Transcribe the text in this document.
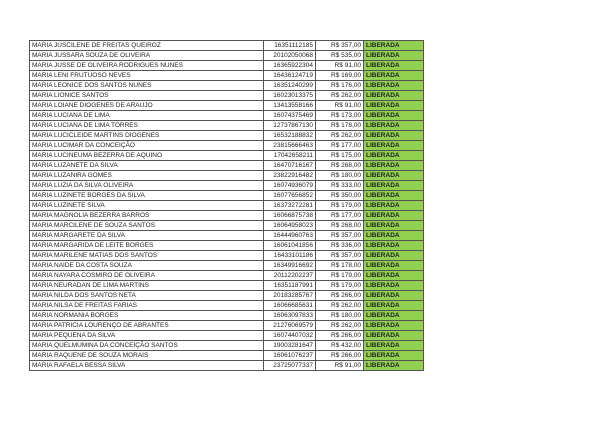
MARIA JUSCILENE DE FREITAS QUEIROZ	16351112185	R$ 357,00	LIBERADA
MARIA JUSSARA SOUZA DE OLIVEIRA	20102050068	R$ 535,00	LIBERADA
MARIA JUSSE DE OLIVEIRA RODRIGUES NUNES	16365922304	R$ 91,00	LIBERADA
MARIA LENI FRUTUOSO NEVES	16436124719	R$ 169,00	LIBERADA
MARIA LEONICE DOS SANTOS NUNES	16351240299	R$ 176,00	LIBERADA
MARIA LIONICE SANTOS	16023013375	R$ 262,00	LIBERADA
MARIA LOIANE DIOGENES DE ARAUJO	13413558166	R$ 91,00	LIBERADA
MARIA LUCIANA DE LIMA	16074375469	R$ 173,00	LIBERADA
MARIA LUCIANA DE LIMA TORRES	12737867130	R$ 178,00	LIBERADA
MARIA LUCICLEIDE MARTINS DIOGENES	16532188832	R$ 262,00	LIBERADA
MARIA LUCIMAR DA CONCEIÇÃO	23815666463	R$ 177,00	LIBERADA
MARIA LUCINEUMA BEZERRA DE AQUINO	17042658211	R$ 175,00	LIBERADA
MARIA LUZANETE DA SILVA	16470716167	R$ 268,00	LIBERADA
MARIA LUZANIRA GOMES	23822916482	R$ 180,00	LIBERADA
MARIA LUZIA DA SILVA OLIVEIRA	16074936079	R$ 333,00	LIBERADA
MARIA LUZINETE BORGES DA SILVA	16077656852	R$ 350,00	LIBERADA
MARIA LUZINETE SILVA	16373272281	R$ 179,00	LIBERADA
MARIA MAGNOLIA BEZERRA BARROS	16066875738	R$ 177,00	LIBERADA
MARIA MARCILENE DE SOUZA SANTOS	16064958023	R$ 268,00	LIBERADA
MARIA MARGARETE DA SILVA	16444960763	R$ 357,00	LIBERADA
MARIA MARGARIDA DE LEITE BORGES	16061041856	R$ 336,00	LIBERADA
MARIA MARILENE MATIAS DOS SANTOS	16433101186	R$ 357,00	LIBERADA
MARIA NAIDE DA COSTA SOUZA	16349916692	R$ 178,00	LIBERADA
MARIA NAYARA COSMIRO DE OLIVEIRA	20112202237	R$ 179,00	LIBERADA
MARIA NEURADAN DE LIMA MARTINS	16351187991	R$ 179,00	LIBERADA
MARIA NILDA DOS SANTOS NETA	20183285767	R$ 266,00	LIBERADA
MARIA NILSA DE FREITAS FARIAS	16066685631	R$ 262,00	LIBERADA
MARIA NORMANIA BORGES	16063097833	R$ 180,00	LIBERADA
MARIA PATRICIA LOURENÇO DE ABRANTES	21276069579	R$ 262,00	LIBERADA
MARIA PEQUENA DA SILVA	16074407032	R$ 266,00	LIBERADA
MARIA QUELMUMINA DA CONCEIÇÃO SANTOS	19003281647	R$ 432,00	LIBERADA
MARIA RAQUENE DE SOUZA MORAIS	16061076237	R$ 266,00	LIBERADA
MARIA RAFAELA BESSA SILVA	23725077337	R$ 91,00	LIBERADA
